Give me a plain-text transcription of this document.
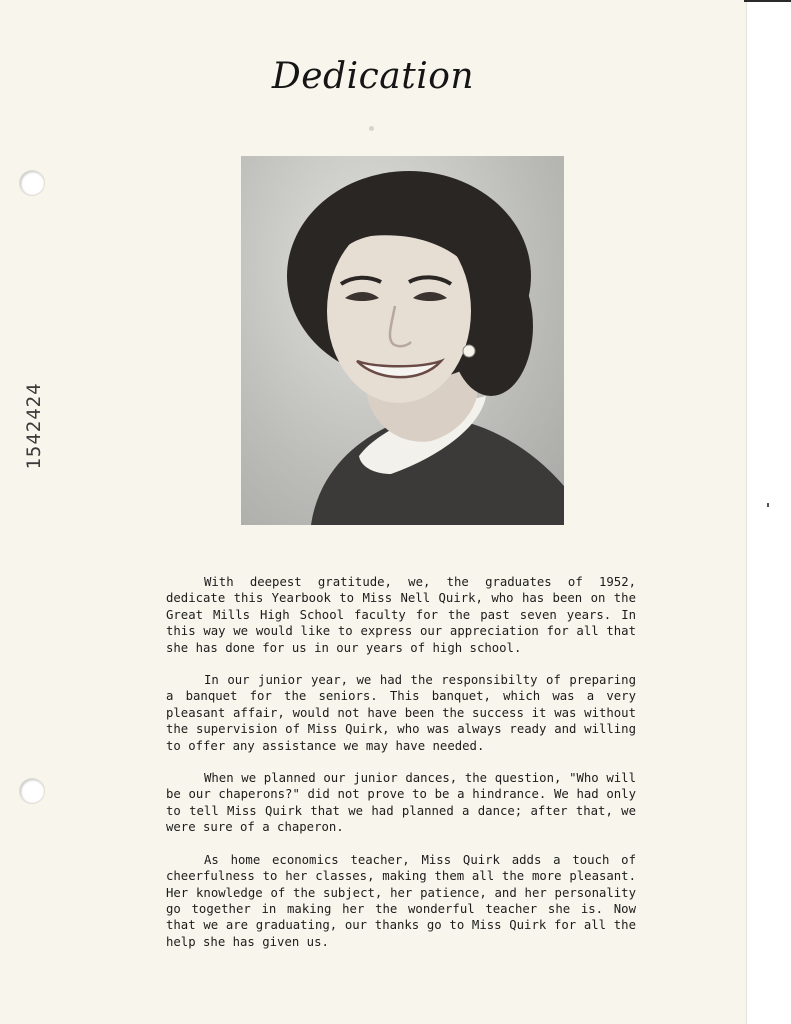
Dedication
1542424

With deepest gratitude, we, the graduates of 1952, dedicate this Yearbook to Miss Nell Quirk, who has been on the Great Mills High School faculty for the past seven years. In this way we would like to express our appreciation for all that she has done for us in our years of high school.

In our junior year, we had the responsibilty of preparing a banquet for the seniors. This banquet, which was a very pleasant affair, would not have been the success it was without the supervision of Miss Quirk, who was always ready and willing to offer any assistance we may have needed.

When we planned our junior dances, the question, "Who will be our chaperons?" did not prove to be a hindrance. We had only to tell Miss Quirk that we had planned a dance; after that, we were sure of a chaperon.

As home economics teacher, Miss Quirk adds a touch of cheerfulness to her classes, making them all the more pleasant. Her knowledge of the subject, her patience, and her personality go together in making her the wonderful teacher she is. Now that we are graduating, our thanks go to Miss Quirk for all the help she has given us.
